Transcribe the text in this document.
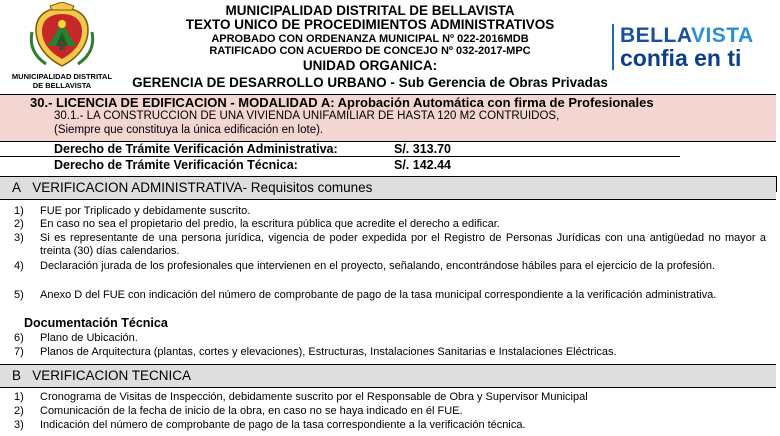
MUNICIPALIDAD DISTRITAL
DE BELLAVISTA
MUNICIPALIDAD DISTRITAL DE BELLAVISTA
TEXTO UNICO DE PROCEDIMIENTOS ADMINISTRATIVOS
APROBADO CON ORDENANZA MUNICIPAL Nº 022-2016MDB
RATIFICADO CON ACUERDO DE CONCEJO Nº 032-2017-MPC
UNIDAD ORGANICA:
GERENCIA DE DESARROLLO URBANO - Sub Gerencia de Obras Privadas
BELLAVISTA
confia en ti
30.- LICENCIA DE EDIFICACION - MODALIDAD A: Aprobación Automática con firma de Profesionales
30.1.- LA CONSTRUCCION DE UNA VIVIENDA UNIFAMILIAR DE HASTA 120 M2 CONTRUIDOS,
(Siempre que constituya la única edificación en lote).
Derecho de Trámite Verificación Administrativa:	S/. 313.70
Derecho de Trámite Verificación Técnica:	S/. 142.44
A VERIFICACION ADMINISTRATIVA- Requisitos comunes
1)	FUE por Triplicado y debidamente suscrito.
2)	En caso no sea el propietario del predio, la escritura pública que acredite el derecho a edificar.
3)	Si es representante de una persona jurídica, vigencia de poder expedida por el Registro de Personas Jurídicas con una antigüedad no mayor a treinta (30) días calendarios.
4)	Declaración jurada de los profesionales que intervienen en el proyecto, señalando, encontrándose hábiles para el ejercicio de la profesión.
5)	Anexo D del FUE con indicación del número de comprobante de pago de la tasa municipal correspondiente a la verificación administrativa.
Documentación Técnica
6)	Plano de Ubicación.
7)	Planos de Arquitectura (plantas, cortes y elevaciones), Estructuras, Instalaciones Sanitarias e Instalaciones Eléctricas.
B VERIFICACION TECNICA
1)	Cronograma de Visitas de Inspección, debidamente suscrito por el Responsable de Obra y Supervisor Municipal
2)	Comunicación de la fecha de inicio de la obra, en caso no se haya indicado en él FUE.
3)	Indicación del número de comprobante de pago de la tasa correspondiente a la verificación técnica.
